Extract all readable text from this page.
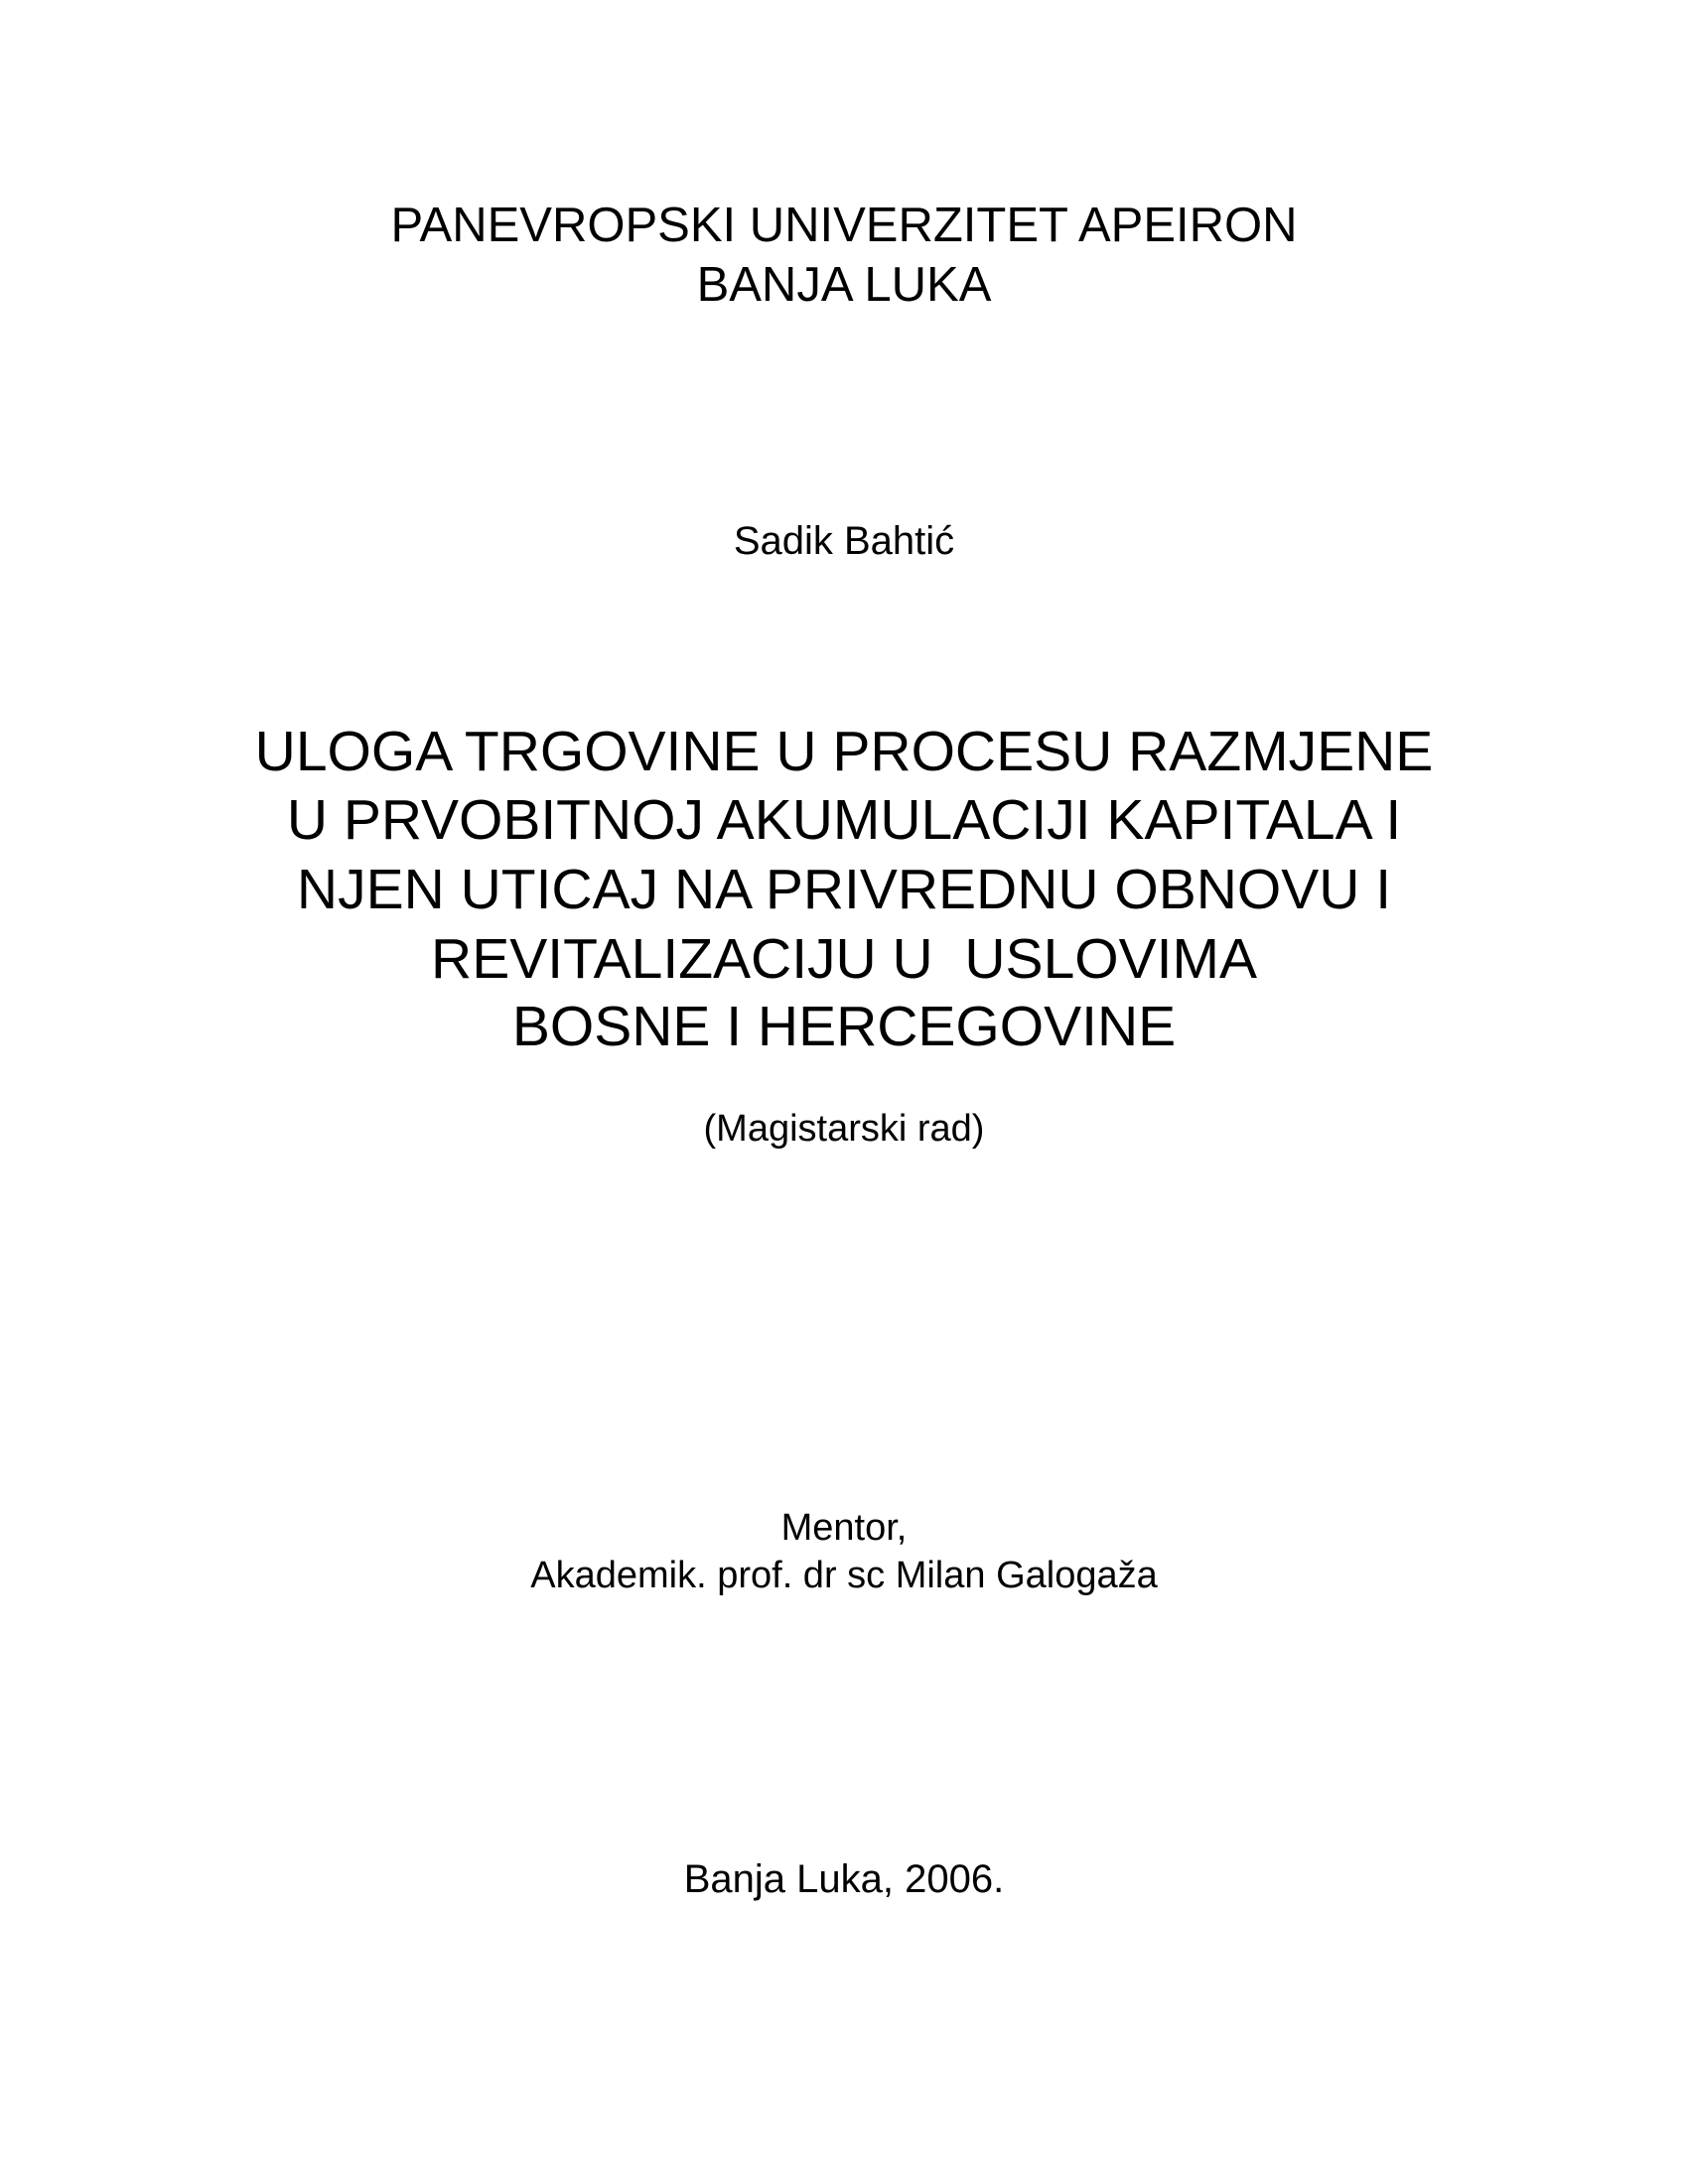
PANEVROPSKI UNIVERZITET APEIRON
BANJA LUKA
Sadik Bahtić
ULOGA TRGOVINE U PROCESU RAZMJENE
U PRVOBITNOJ AKUMULACIJI KAPITALA I
NJEN UTICAJ NA PRIVREDNU OBNOVU I
REVITALIZACIJU U  USLOVIMA
BOSNE I HERCEGOVINE
(Magistarski rad)
Mentor,
Akademik. prof. dr sc Milan Galogaža
Banja Luka, 2006.
